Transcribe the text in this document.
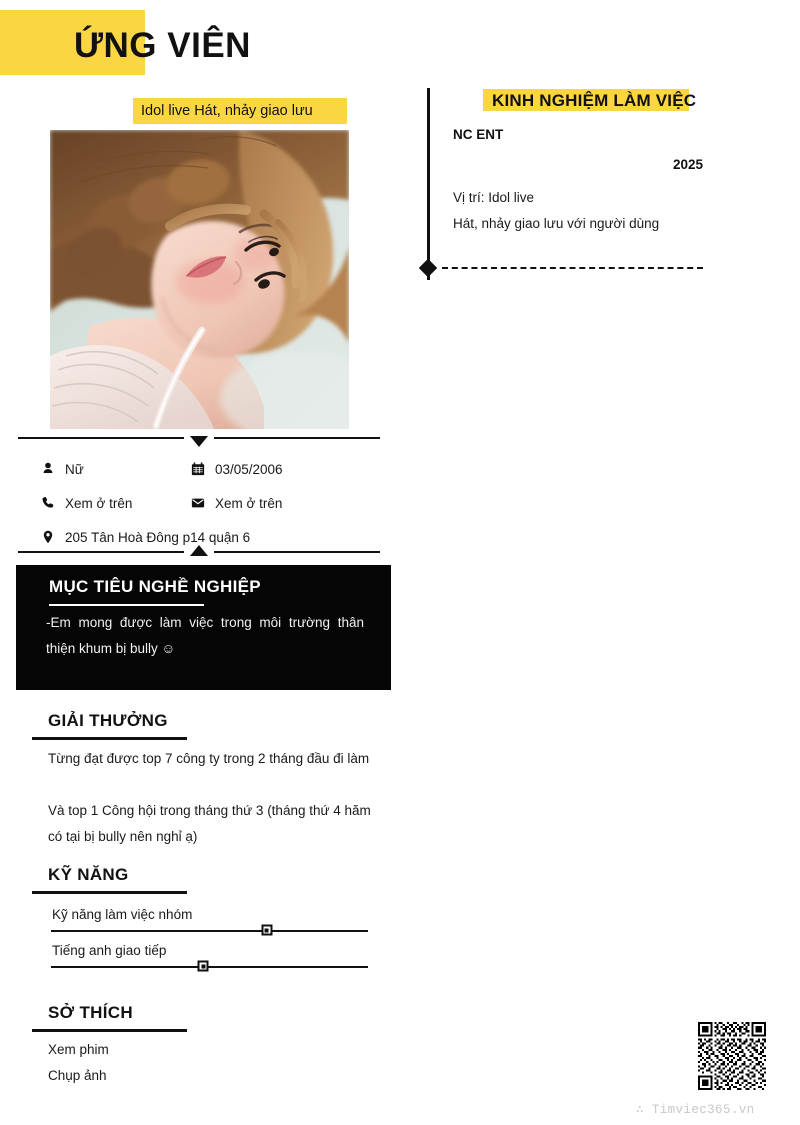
ỨNG VIÊN
Idol live Hát, nhảy giao lưu
Nữ	03/05/2006
Xem ở trên	Xem ở trên
205 Tân Hoà Đông p14 quận 6
MỤC TIÊU NGHỀ NGHIỆP
-Em mong được làm việc trong môi trường thân thiện khum bị bully ☺
GIẢI THƯỞNG
Từng đạt được top 7 công ty trong 2 tháng đầu đi làm
Và top 1 Công hội trong tháng thứ 3 (tháng thứ 4 hăm có tại bị bully nên nghỉ ạ)
KỸ NĂNG
Kỹ năng làm việc nhóm
Tiếng anh giao tiếp
SỞ THÍCH
Xem phim
Chụp ảnh
KINH NGHIỆM LÀM VIỆC
NC ENT
2025
Vị trí: Idol live
Hát, nhảy giao lưu với người dùng
∴ Timviec365.vn
